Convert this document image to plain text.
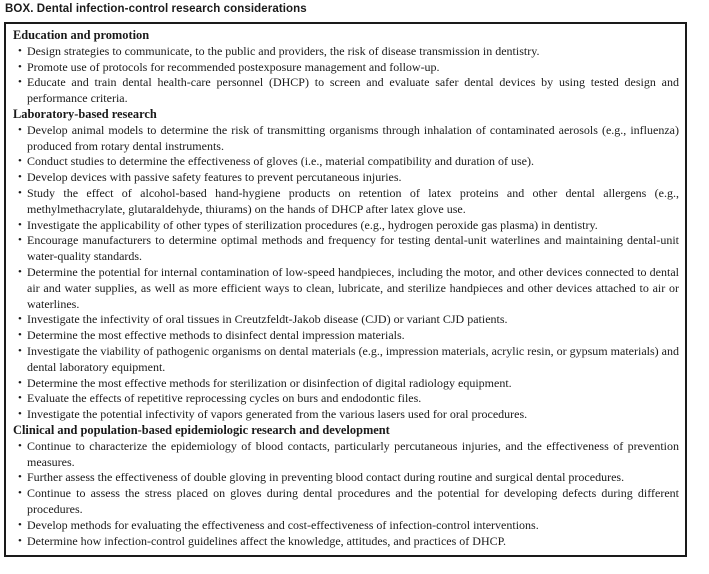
BOX. Dental infection-control research considerations
Education and promotion
• Design strategies to communicate, to the public and providers, the risk of disease transmission in dentistry.
• Promote use of protocols for recommended postexposure management and follow-up.
• Educate and train dental health-care personnel (DHCP) to screen and evaluate safer dental devices by using tested design and performance criteria.
Laboratory-based research
• Develop animal models to determine the risk of transmitting organisms through inhalation of contaminated aerosols (e.g., influenza) produced from rotary dental instruments.
• Conduct studies to determine the effectiveness of gloves (i.e., material compatibility and duration of use).
• Develop devices with passive safety features to prevent percutaneous injuries.
• Study the effect of alcohol-based hand-hygiene products on retention of latex proteins and other dental allergens (e.g., methylmethacrylate, glutaraldehyde, thiurams) on the hands of DHCP after latex glove use.
• Investigate the applicability of other types of sterilization procedures (e.g., hydrogen peroxide gas plasma) in dentistry.
• Encourage manufacturers to determine optimal methods and frequency for testing dental-unit waterlines and maintaining dental-unit water-quality standards.
• Determine the potential for internal contamination of low-speed handpieces, including the motor, and other devices connected to dental air and water supplies, as well as more efficient ways to clean, lubricate, and sterilize handpieces and other devices attached to air or waterlines.
• Investigate the infectivity of oral tissues in Creutzfeldt-Jakob disease (CJD) or variant CJD patients.
• Determine the most effective methods to disinfect dental impression materials.
• Investigate the viability of pathogenic organisms on dental materials (e.g., impression materials, acrylic resin, or gypsum materials) and dental laboratory equipment.
• Determine the most effective methods for sterilization or disinfection of digital radiology equipment.
• Evaluate the effects of repetitive reprocessing cycles on burs and endodontic files.
• Investigate the potential infectivity of vapors generated from the various lasers used for oral procedures.
Clinical and population-based epidemiologic research and development
• Continue to characterize the epidemiology of blood contacts, particularly percutaneous injuries, and the effectiveness of prevention measures.
• Further assess the effectiveness of double gloving in preventing blood contact during routine and surgical dental procedures.
• Continue to assess the stress placed on gloves during dental procedures and the potential for developing defects during different procedures.
• Develop methods for evaluating the effectiveness and cost-effectiveness of infection-control interventions.
• Determine how infection-control guidelines affect the knowledge, attitudes, and practices of DHCP.
